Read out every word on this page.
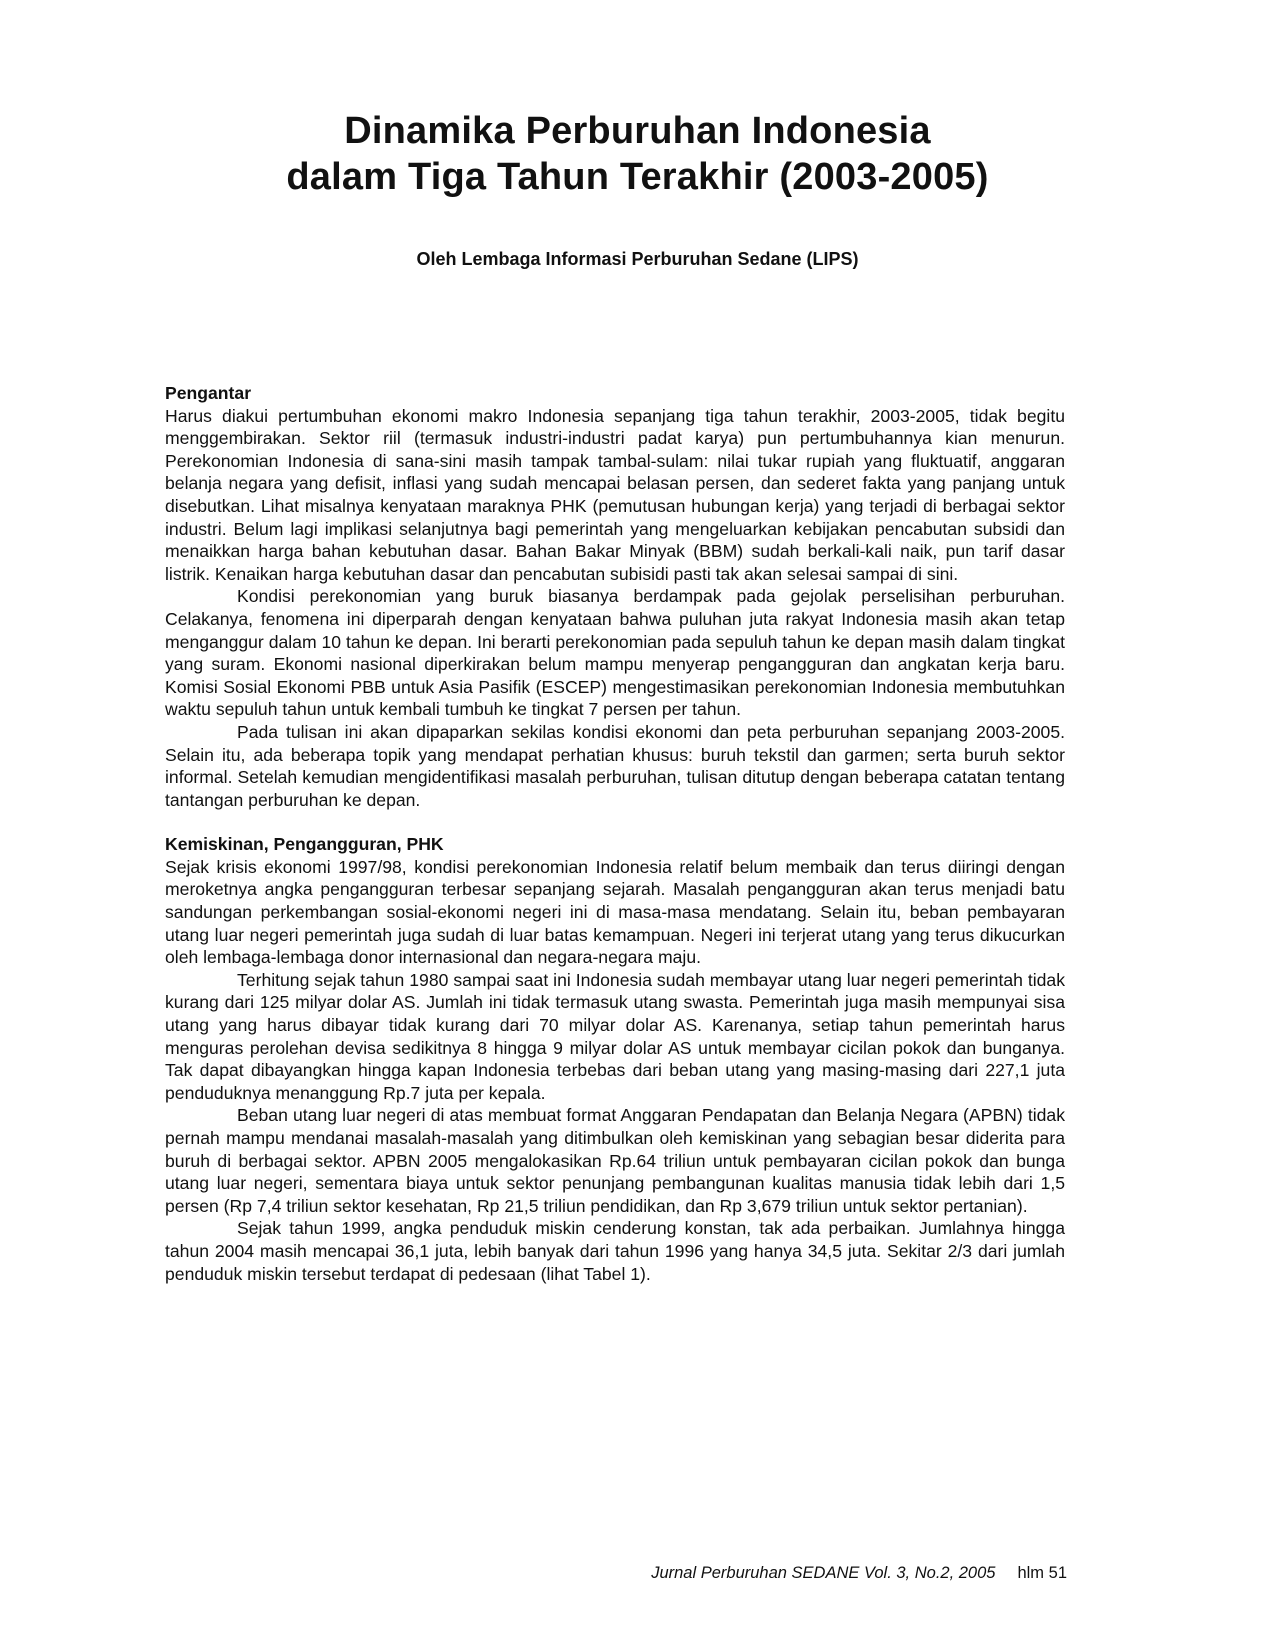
Dinamika Perburuhan Indonesia
dalam Tiga Tahun Terakhir (2003-2005)
Oleh Lembaga Informasi Perburuhan Sedane (LIPS)

Pengantar

Harus diakui pertumbuhan ekonomi makro Indonesia sepanjang tiga tahun terakhir, 2003-2005, tidak begitu menggembirakan. Sektor riil (termasuk industri-industri padat karya) pun pertumbuhannya kian menurun. Perekonomian Indonesia di sana-sini masih tampak tambal-sulam: nilai tukar rupiah yang fluktuatif, anggaran belanja negara yang defisit, inflasi yang sudah mencapai belasan persen, dan sederet fakta yang panjang untuk disebutkan. Lihat misalnya kenyataan maraknya PHK (pemutusan hubungan kerja) yang terjadi di berbagai sektor industri. Belum lagi implikasi selanjutnya bagi pemerintah yang mengeluarkan kebijakan pencabutan subsidi dan menaikkan harga bahan kebutuhan dasar. Bahan Bakar Minyak (BBM) sudah berkali-kali naik, pun tarif dasar listrik. Kenaikan harga kebutuhan dasar dan pencabutan subisidi pasti tak akan selesai sampai di sini.

Kondisi perekonomian yang buruk biasanya berdampak pada gejolak perselisihan perburuhan. Celakanya, fenomena ini diperparah dengan kenyataan bahwa puluhan juta rakyat Indonesia masih akan tetap menganggur dalam 10 tahun ke depan. Ini berarti perekonomian pada sepuluh tahun ke depan masih dalam tingkat yang suram. Ekonomi nasional diperkirakan belum mampu menyerap pengangguran dan angkatan kerja baru. Komisi Sosial Ekonomi PBB untuk Asia Pasifik (ESCEP) mengestimasikan perekonomian Indonesia membutuhkan waktu sepuluh tahun untuk kembali tumbuh ke tingkat 7 persen per tahun.

Pada tulisan ini akan dipaparkan sekilas kondisi ekonomi dan peta perburuhan sepanjang 2003-2005. Selain itu, ada beberapa topik yang mendapat perhatian khusus: buruh tekstil dan garmen; serta buruh sektor informal. Setelah kemudian mengidentifikasi masalah perburuhan, tulisan ditutup dengan beberapa catatan tentang tantangan perburuhan ke depan.

Kemiskinan, Pengangguran, PHK

Sejak krisis ekonomi 1997/98, kondisi perekonomian Indonesia relatif belum membaik dan terus diiringi dengan meroketnya angka pengangguran terbesar sepanjang sejarah. Masalah pengangguran akan terus menjadi batu sandungan perkembangan sosial-ekonomi negeri ini di masa-masa mendatang. Selain itu, beban pembayaran utang luar negeri pemerintah juga sudah di luar batas kemampuan. Negeri ini terjerat utang yang terus dikucurkan oleh lembaga-lembaga donor internasional dan negara-negara maju.

Terhitung sejak tahun 1980 sampai saat ini Indonesia sudah membayar utang luar negeri pemerintah tidak kurang dari 125 milyar dolar AS. Jumlah ini tidak termasuk utang swasta. Pemerintah juga masih mempunyai sisa utang yang harus dibayar tidak kurang dari 70 milyar dolar AS. Karenanya, setiap tahun pemerintah harus menguras perolehan devisa sedikitnya 8 hingga 9 milyar dolar AS untuk membayar cicilan pokok dan bunganya. Tak dapat dibayangkan hingga kapan Indonesia terbebas dari beban utang yang masing-masing dari 227,1 juta penduduknya menanggung Rp.7 juta per kepala.

Beban utang luar negeri di atas membuat format Anggaran Pendapatan dan Belanja Negara (APBN) tidak pernah mampu mendanai masalah-masalah yang ditimbulkan oleh kemiskinan yang sebagian besar diderita para buruh di berbagai sektor. APBN 2005 mengalokasikan Rp.64 triliun untuk pembayaran cicilan pokok dan bunga utang luar negeri, sementara biaya untuk sektor penunjang pembangunan kualitas manusia tidak lebih dari 1,5 persen (Rp 7,4 triliun sektor kesehatan, Rp 21,5 triliun pendidikan, dan Rp 3,679 triliun untuk sektor pertanian).

Sejak tahun 1999, angka penduduk miskin cenderung konstan, tak ada perbaikan. Jumlahnya hingga tahun 2004 masih mencapai 36,1 juta, lebih banyak dari tahun 1996 yang hanya 34,5 juta. Sekitar 2/3 dari jumlah penduduk miskin tersebut terdapat di pedesaan (lihat Tabel 1).

Jurnal Perburuhan SEDANE Vol. 3, No.2, 2005 hlm 51
